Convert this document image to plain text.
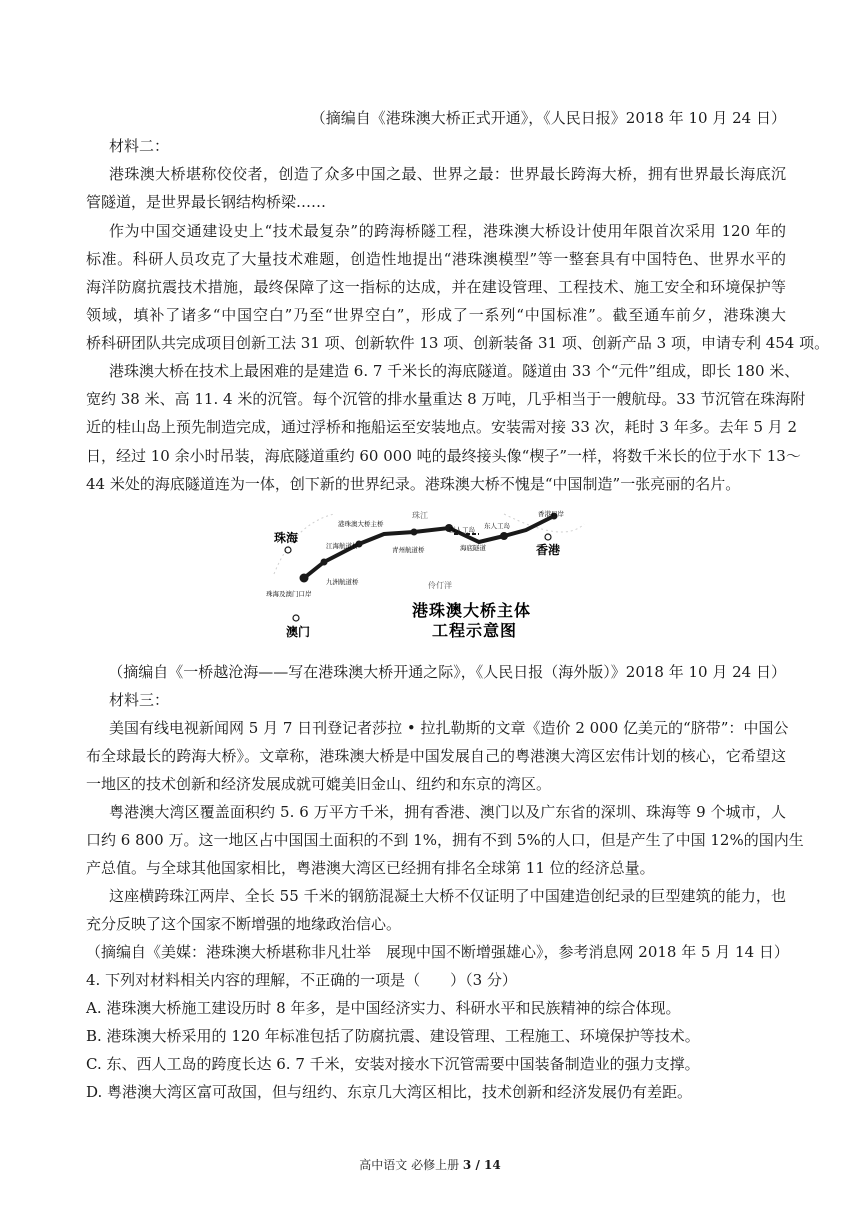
（摘编自《港珠澳大桥正式开通》，《人民日报》2018 年 10 月 24 日）
材料二：
港珠澳大桥堪称佼佼者，创造了众多中国之最、世界之最：世界最长跨海大桥，拥有世界最长海底沉
管隧道，是世界最长钢结构桥梁……
作为中国交通建设史上“技术最复杂”的跨海桥隧工程，港珠澳大桥设计使用年限首次采用 120 年的
标准。科研人员攻克了大量技术难题，创造性地提出“港珠澳模型”等一整套具有中国特色、世界水平的
海洋防腐抗震技术措施，最终保障了这一指标的达成，并在建设管理、工程技术、施工安全和环境保护等
领域，填补了诸多“中国空白”乃至“世界空白”，形成了一系列“中国标准”。截至通车前夕，港珠澳大
桥科研团队共完成项目创新工法 31 项、创新软件 13 项、创新装备 31 项、创新产品 3 项，申请专利 454 项。
港珠澳大桥在技术上最困难的是建造 6. 7 千米长的海底隧道。隧道由 33 个“元件”组成，即长 180 米、
宽约 38 米、高 11. 4 米的沉管。每个沉管的排水量重达 8 万吨，几乎相当于一艘航母。33 节沉管在珠海附
近的桂山岛上预先制造完成，通过浮桥和拖船运至安装地点。安装需对接 33 次，耗时 3 年多。去年 5 月 2
日，经过 10 余小时吊装，海底隧道重约 60 000 吨的最终接头像“楔子”一样，将数千米长的位于水下 13～
44 米处的海底隧道连为一体，创下新的世界纪录。港珠澳大桥不愧是“中国制造”一张亮丽的名片。
珠海
澳门
香港
珠江
港珠澳大桥主桥
江海航道桥	青州航道桥
九洲航道桥
珠海及澳门口岸
西人工岛 东人工岛
海底隧道
香港口岸
伶仃洋
港珠澳大桥主体
工程示意图
（摘编自《一桥越沧海——写在港珠澳大桥开通之际》，《人民日报（海外版）》2018 年 10 月 24 日）
材料三：
美国有线电视新闻网 5 月 7 日刊登记者莎拉 • 拉扎勒斯的文章《造价 2 000 亿美元的“脐带”：中国公
布全球最长的跨海大桥》。文章称，港珠澳大桥是中国发展自己的粤港澳大湾区宏伟计划的核心，它希望这
一地区的技术创新和经济发展成就可媲美旧金山、纽约和东京的湾区。
粤港澳大湾区覆盖面积约 5. 6 万平方千米，拥有香港、澳门以及广东省的深圳、珠海等 9 个城市，人
口约 6 800 万。这一地区占中国国土面积的不到 1%，拥有不到 5%的人口，但是产生了中国 12%的国内生
产总值。与全球其他国家相比，粤港澳大湾区已经拥有排名全球第 11 位的经济总量。
这座横跨珠江两岸、全长 55 千米的钢筋混凝土大桥不仅证明了中国建造创纪录的巨型建筑的能力，也
充分反映了这个国家不断增强的地缘政治信心。
（摘编自《美媒：港珠澳大桥堪称非凡壮举　展现中国不断增强雄心》，参考消息网 2018 年 5 月 14 日）
4. 下列对材料相关内容的理解，不正确的一项是（　　）（3 分）
A. 港珠澳大桥施工建设历时 8 年多，是中国经济实力、科研水平和民族精神的综合体现。
B. 港珠澳大桥采用的 120 年标准包括了防腐抗震、建设管理、工程施工、环境保护等技术。
C. 东、西人工岛的跨度长达 6. 7 千米，安装对接水下沉管需要中国装备制造业的强力支撑。
D. 粤港澳大湾区富可敌国，但与纽约、东京几大湾区相比，技术创新和经济发展仍有差距。
高中语文 必修上册 3 / 14
